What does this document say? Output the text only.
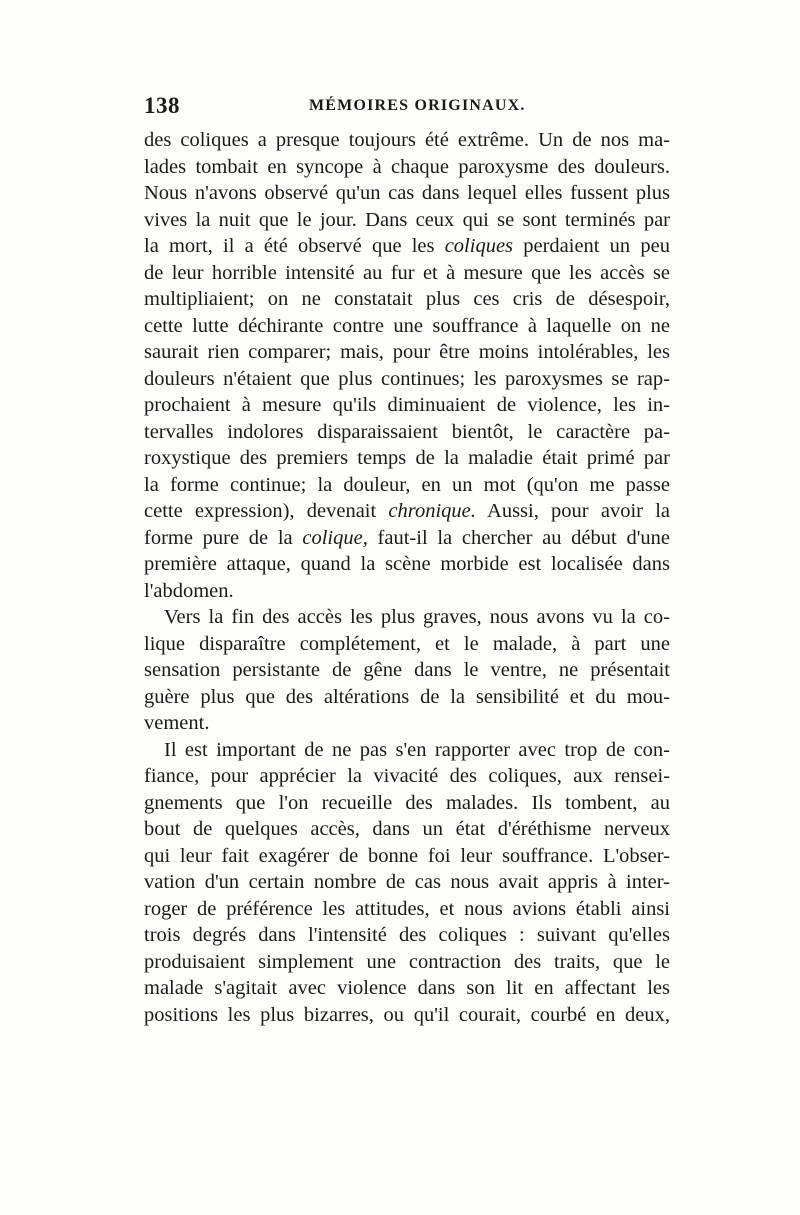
138	MÉMOIRES ORIGINAUX.
des coliques a presque toujours été extrême. Un de nos ma-
lades tombait en syncope à chaque paroxysme des douleurs.
Nous n'avons observé qu'un cas dans lequel elles fussent plus
vives la nuit que le jour. Dans ceux qui se sont terminés par
la mort, il a été observé que les coliques perdaient un peu
de leur horrible intensité au fur et à mesure que les accès se
multipliaient; on ne constatait plus ces cris de désespoir,
cette lutte déchirante contre une souffrance à laquelle on ne
saurait rien comparer; mais, pour être moins intolérables, les
douleurs n'étaient que plus continues; les paroxysmes se rap-
prochaient à mesure qu'ils diminuaient de violence, les in-
tervalles indolores disparaissaient bientôt, le caractère pa-
roxystique des premiers temps de la maladie était primé par
la forme continue; la douleur, en un mot (qu'on me passe
cette expression), devenait chronique. Aussi, pour avoir la
forme pure de la colique, faut-il la chercher au début d'une
première attaque, quand la scène morbide est localisée dans
l'abdomen.
Vers la fin des accès les plus graves, nous avons vu la co-
lique disparaître complétement, et le malade, à part une
sensation persistante de gêne dans le ventre, ne présentait
guère plus que des altérations de la sensibilité et du mou-
vement.
Il est important de ne pas s'en rapporter avec trop de con-
fiance, pour apprécier la vivacité des coliques, aux rensei-
gnements que l'on recueille des malades. Ils tombent, au
bout de quelques accès, dans un état d'éréthisme nerveux
qui leur fait exagérer de bonne foi leur souffrance. L'obser-
vation d'un certain nombre de cas nous avait appris à inter-
roger de préférence les attitudes, et nous avions établi ainsi
trois degrés dans l'intensité des coliques : suivant qu'elles
produisaient simplement une contraction des traits, que le
malade s'agitait avec violence dans son lit en affectant les
positions les plus bizarres, ou qu'il courait, courbé en deux,
